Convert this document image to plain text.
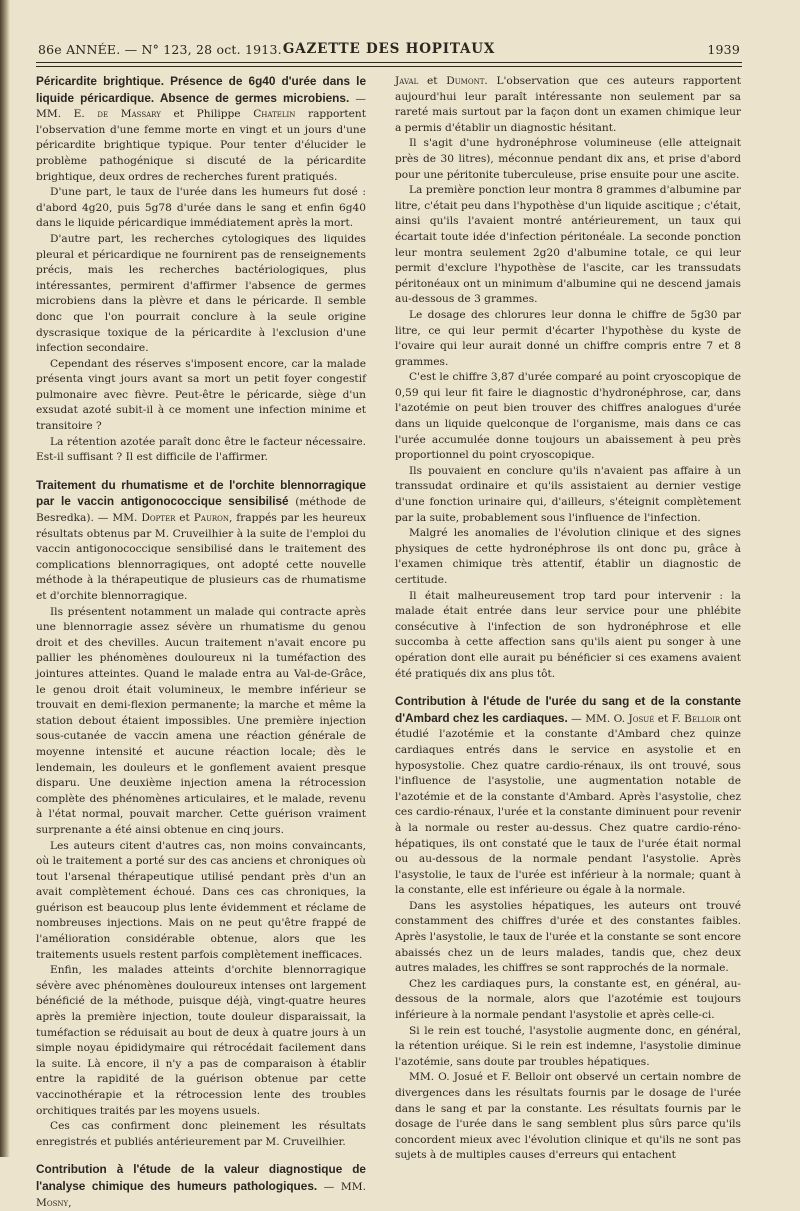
86e ANNÉE. — N° 123, 28 oct. 1913. GAZETTE DES HOPITAUX	1939

Péricardite brightique. Présence de 6g40 d'urée dans le liquide péricardique. Absence de germes microbiens. — MM. E. de Massary et Philippe Chatelin rapportent l'observation d'une femme morte en vingt et un jours d'une péricardite brightique typique. Pour tenter d'élucider le problème pathogénique si discuté de la péricardite brightique, deux ordres de recherches furent pratiqués.

D'une part, le taux de l'urée dans les humeurs fut dosé : d'abord 4g20, puis 5g78 d'urée dans le sang et enfin 6g40 dans le liquide péricardique immédiatement après la mort.

D'autre part, les recherches cytologiques des liquides pleural et péricardique ne fournirent pas de renseignements précis, mais les recherches bactériologiques, plus intéressantes, permirent d'affirmer l'absence de germes microbiens dans la plèvre et dans le péricarde. Il semble donc que l'on pourrait conclure à la seule origine dyscrasique toxique de la péricardite à l'exclusion d'une infection secondaire.

Cependant des réserves s'imposent encore, car la malade présenta vingt jours avant sa mort un petit foyer congestif pulmonaire avec fièvre. Peut-être le péricarde, siège d'un exsudat azoté subit-il à ce moment une infection minime et transitoire ?

La rétention azotée paraît donc être le facteur nécessaire. Est-il suffisant ? Il est difficile de l'affirmer.

Traitement du rhumatisme et de l'orchite blennorragique par le vaccin antigonococcique sensibilisé (méthode de Besredka). — MM. Dopter et Pauron, frappés par les heureux résultats obtenus par M. Cruveilhier à la suite de l'emploi du vaccin antigonococcique sensibilisé dans le traitement des complications blennorragiques, ont adopté cette nouvelle méthode à la thérapeutique de plusieurs cas de rhumatisme et d'orchite blennorragique.

Ils présentent notamment un malade qui contracte après une blennorragie assez sévère un rhumatisme du genou droit et des chevilles. Aucun traitement n'avait encore pu pallier les phénomènes douloureux ni la tuméfaction des jointures atteintes. Quand le malade entra au Val-de-Grâce, le genou droit était volumineux, le membre inférieur se trouvait en demi-flexion permanente; la marche et même la station debout étaient impossibles. Une première injection sous-cutanée de vaccin amena une réaction générale de moyenne intensité et aucune réaction locale; dès le lendemain, les douleurs et le gonflement avaient presque disparu. Une deuxième injection amena la rétrocession complète des phénomènes articulaires, et le malade, revenu à l'état normal, pouvait marcher. Cette guérison vraiment surprenante a été ainsi obtenue en cinq jours.

Les auteurs citent d'autres cas, non moins convaincants, où le traitement a porté sur des cas anciens et chroniques où tout l'arsenal thérapeutique utilisé pendant près d'un an avait complètement échoué. Dans ces cas chroniques, la guérison est beaucoup plus lente évidemment et réclame de nombreuses injections. Mais on ne peut qu'être frappé de l'amélioration considérable obtenue, alors que les traitements usuels restent parfois complètement inefficaces.

Enfin, les malades atteints d'orchite blennorragique sévère avec phénomènes douloureux intenses ont largement bénéficié de la méthode, puisque déjà, vingt-quatre heures après la première injection, toute douleur disparaissait, la tuméfaction se réduisait au bout de deux à quatre jours à un simple noyau épididymaire qui rétrocédait facilement dans la suite. Là encore, il n'y a pas de comparaison à établir entre la rapidité de la guérison obtenue par cette vaccinothérapie et la rétrocession lente des troubles orchitiques traités par les moyens usuels.

Ces cas confirment donc pleinement les résultats enregistrés et publiés antérieurement par M. Cruveilhier.

Contribution à l'étude de la valeur diagnostique de l'analyse chimique des humeurs pathologiques. — MM. Mosny,

Javal et Dumont. L'observation que ces auteurs rapportent aujourd'hui leur paraît intéressante non seulement par sa rareté mais surtout par la façon dont un examen chimique leur a permis d'établir un diagnostic hésitant.

Il s'agit d'une hydronéphrose volumineuse (elle atteignait près de 30 litres), méconnue pendant dix ans, et prise d'abord pour une péritonite tuberculeuse, prise ensuite pour une ascite.

La première ponction leur montra 8 grammes d'albumine par litre, c'était peu dans l'hypothèse d'un liquide ascitique ; c'était, ainsi qu'ils l'avaient montré antérieurement, un taux qui écartait toute idée d'infection péritonéale. La seconde ponction leur montra seulement 2g20 d'albumine totale, ce qui leur permit d'exclure l'hypothèse de l'ascite, car les transsudats péritonéaux ont un minimum d'albumine qui ne descend jamais au-dessous de 3 grammes.

Le dosage des chlorures leur donna le chiffre de 5g30 par litre, ce qui leur permit d'écarter l'hypothèse du kyste de l'ovaire qui leur aurait donné un chiffre compris entre 7 et 8 grammes.

C'est le chiffre 3,87 d'urée comparé au point cryoscopique de 0,59 qui leur fit faire le diagnostic d'hydronéphrose, car, dans l'azotémie on peut bien trouver des chiffres analogues d'urée dans un liquide quelconque de l'organisme, mais dans ce cas l'urée accumulée donne toujours un abaissement à peu près proportionnel du point cryoscopique.

Ils pouvaient en conclure qu'ils n'avaient pas affaire à un transsudat ordinaire et qu'ils assistaient au dernier vestige d'une fonction urinaire qui, d'ailleurs, s'éteignit complètement par la suite, probablement sous l'influence de l'infection.

Malgré les anomalies de l'évolution clinique et des signes physiques de cette hydronéphrose ils ont donc pu, grâce à l'examen chimique très attentif, établir un diagnostic de certitude.

Il était malheureusement trop tard pour intervenir : la malade était entrée dans leur service pour une phlébite consécutive à l'infection de son hydronéphrose et elle succomba à cette affection sans qu'ils aient pu songer à une opération dont elle aurait pu bénéficier si ces examens avaient été pratiqués dix ans plus tôt.

Contribution à l'étude de l'urée du sang et de la constante d'Ambard chez les cardiaques. — MM. O. Josué et F. Belloir ont étudié l'azotémie et la constante d'Ambard chez quinze cardiaques entrés dans le service en asystolie et en hyposystolie. Chez quatre cardio-rénaux, ils ont trouvé, sous l'influence de l'asystolie, une augmentation notable de l'azotémie et de la constante d'Ambard. Après l'asystolie, chez ces cardio-rénaux, l'urée et la constante diminuent pour revenir à la normale ou rester au-dessus. Chez quatre cardio-réno-hépatiques, ils ont constaté que le taux de l'urée était normal ou au-dessous de la normale pendant l'asystolie. Après l'asystolie, le taux de l'urée est inférieur à la normale; quant à la constante, elle est inférieure ou égale à la normale.

Dans les asystolies hépatiques, les auteurs ont trouvé constamment des chiffres d'urée et des constantes faibles. Après l'asystolie, le taux de l'urée et la constante se sont encore abaissés chez un de leurs malades, tandis que, chez deux autres malades, les chiffres se sont rapprochés de la normale.

Chez les cardiaques purs, la constante est, en général, au-dessous de la normale, alors que l'azotémie est toujours inférieure à la normale pendant l'asystolie et après celle-ci.

Si le rein est touché, l'asystolie augmente donc, en général, la rétention uréique. Si le rein est indemne, l'asystolie diminue l'azotémie, sans doute par troubles hépatiques.

MM. O. Josué et F. Belloir ont observé un certain nombre de divergences dans les résultats fournis par le dosage de l'urée dans le sang et par la constante. Les résultats fournis par le dosage de l'urée dans le sang semblent plus sûrs parce qu'ils concordent mieux avec l'évolution clinique et qu'ils ne sont pas sujets à de multiples causes d'erreurs qui entachent
